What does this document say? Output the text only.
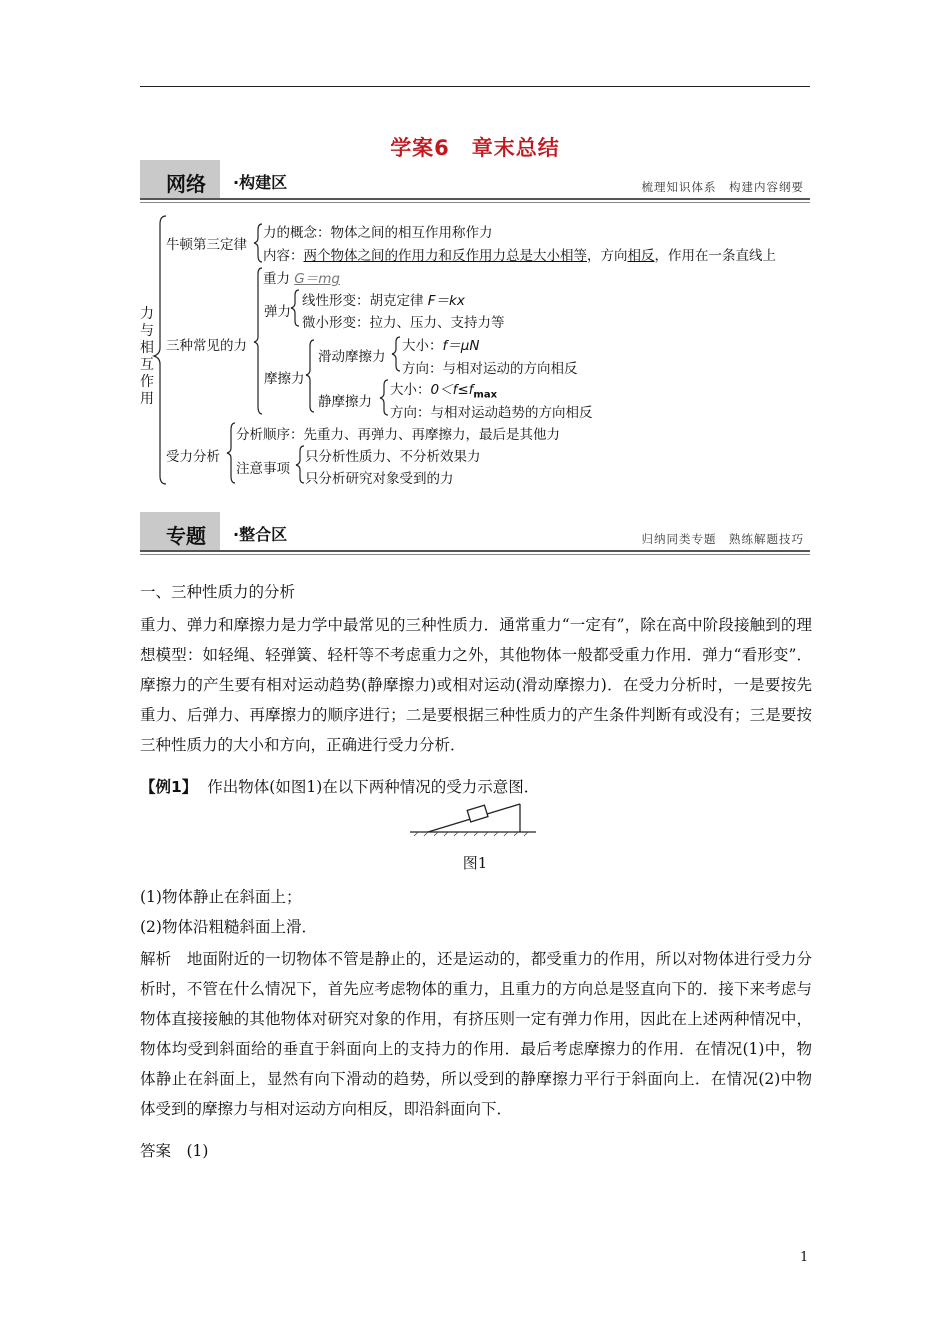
学案6　章末总结
网络 ·构建区	梳理知识体系　构建内容纲要
力与相互作用
牛顿第三定律
力的概念：物体之间的相互作用称作力
内容：两个物体之间的作用力和反作用力总是大小相等，方向相反，作用在一条直线上
三种常见的力
重力 G＝mg
弹力
线性形变：胡克定律 F＝kx
微小形变：拉力、压力、支持力等
摩擦力
滑动摩擦力
大小：f＝μN
方向：与相对运动的方向相反
静摩擦力
大小：$0<f\le f_{max}$
方向：与相对运动趋势的方向相反
受力分析
分析顺序：先重力、再弹力、再摩擦力，最后是其他力
注意事项
只分析性质力、不分析效果力
只分析研究对象受到的力
专题 ·整合区	归纳同类专题　熟练解题技巧
一、三种性质力的分析
重力、弹力和摩擦力是力学中最常见的三种性质力．通常重力“一定有”，除在高中阶段接触到的理想模型：如轻绳、轻弹簧、轻杆等不考虑重力之外，其他物体一般都受重力作用．弹力“看形变”．摩擦力的产生要有相对运动趋势(静摩擦力)或相对运动(滑动摩擦力)．在受力分析时，一是要按先重力、后弹力、再摩擦力的顺序进行；二是要根据三种性质力的产生条件判断有或没有；三是要按三种性质力的大小和方向，正确进行受力分析．
【例1】 作出物体(如图1)在以下两种情况的受力示意图．
图1
(1)物体静止在斜面上；
(2)物体沿粗糙斜面上滑．
解析　地面附近的一切物体不管是静止的，还是运动的，都受重力的作用，所以对物体进行受力分析时，不管在什么情况下，首先应考虑物体的重力，且重力的方向总是竖直向下的．接下来考虑与物体直接接触的其他物体对研究对象的作用，有挤压则一定有弹力作用，因此在上述两种情况中，物体均受到斜面给的垂直于斜面向上的支持力的作用．最后考虑摩擦力的作用．在情况(1)中，物体静止在斜面上，显然有向下滑动的趋势，所以受到的静摩擦力平行于斜面向上．在情况(2)中物体受到的摩擦力与相对运动方向相反，即沿斜面向下．
答案　(1)
1
